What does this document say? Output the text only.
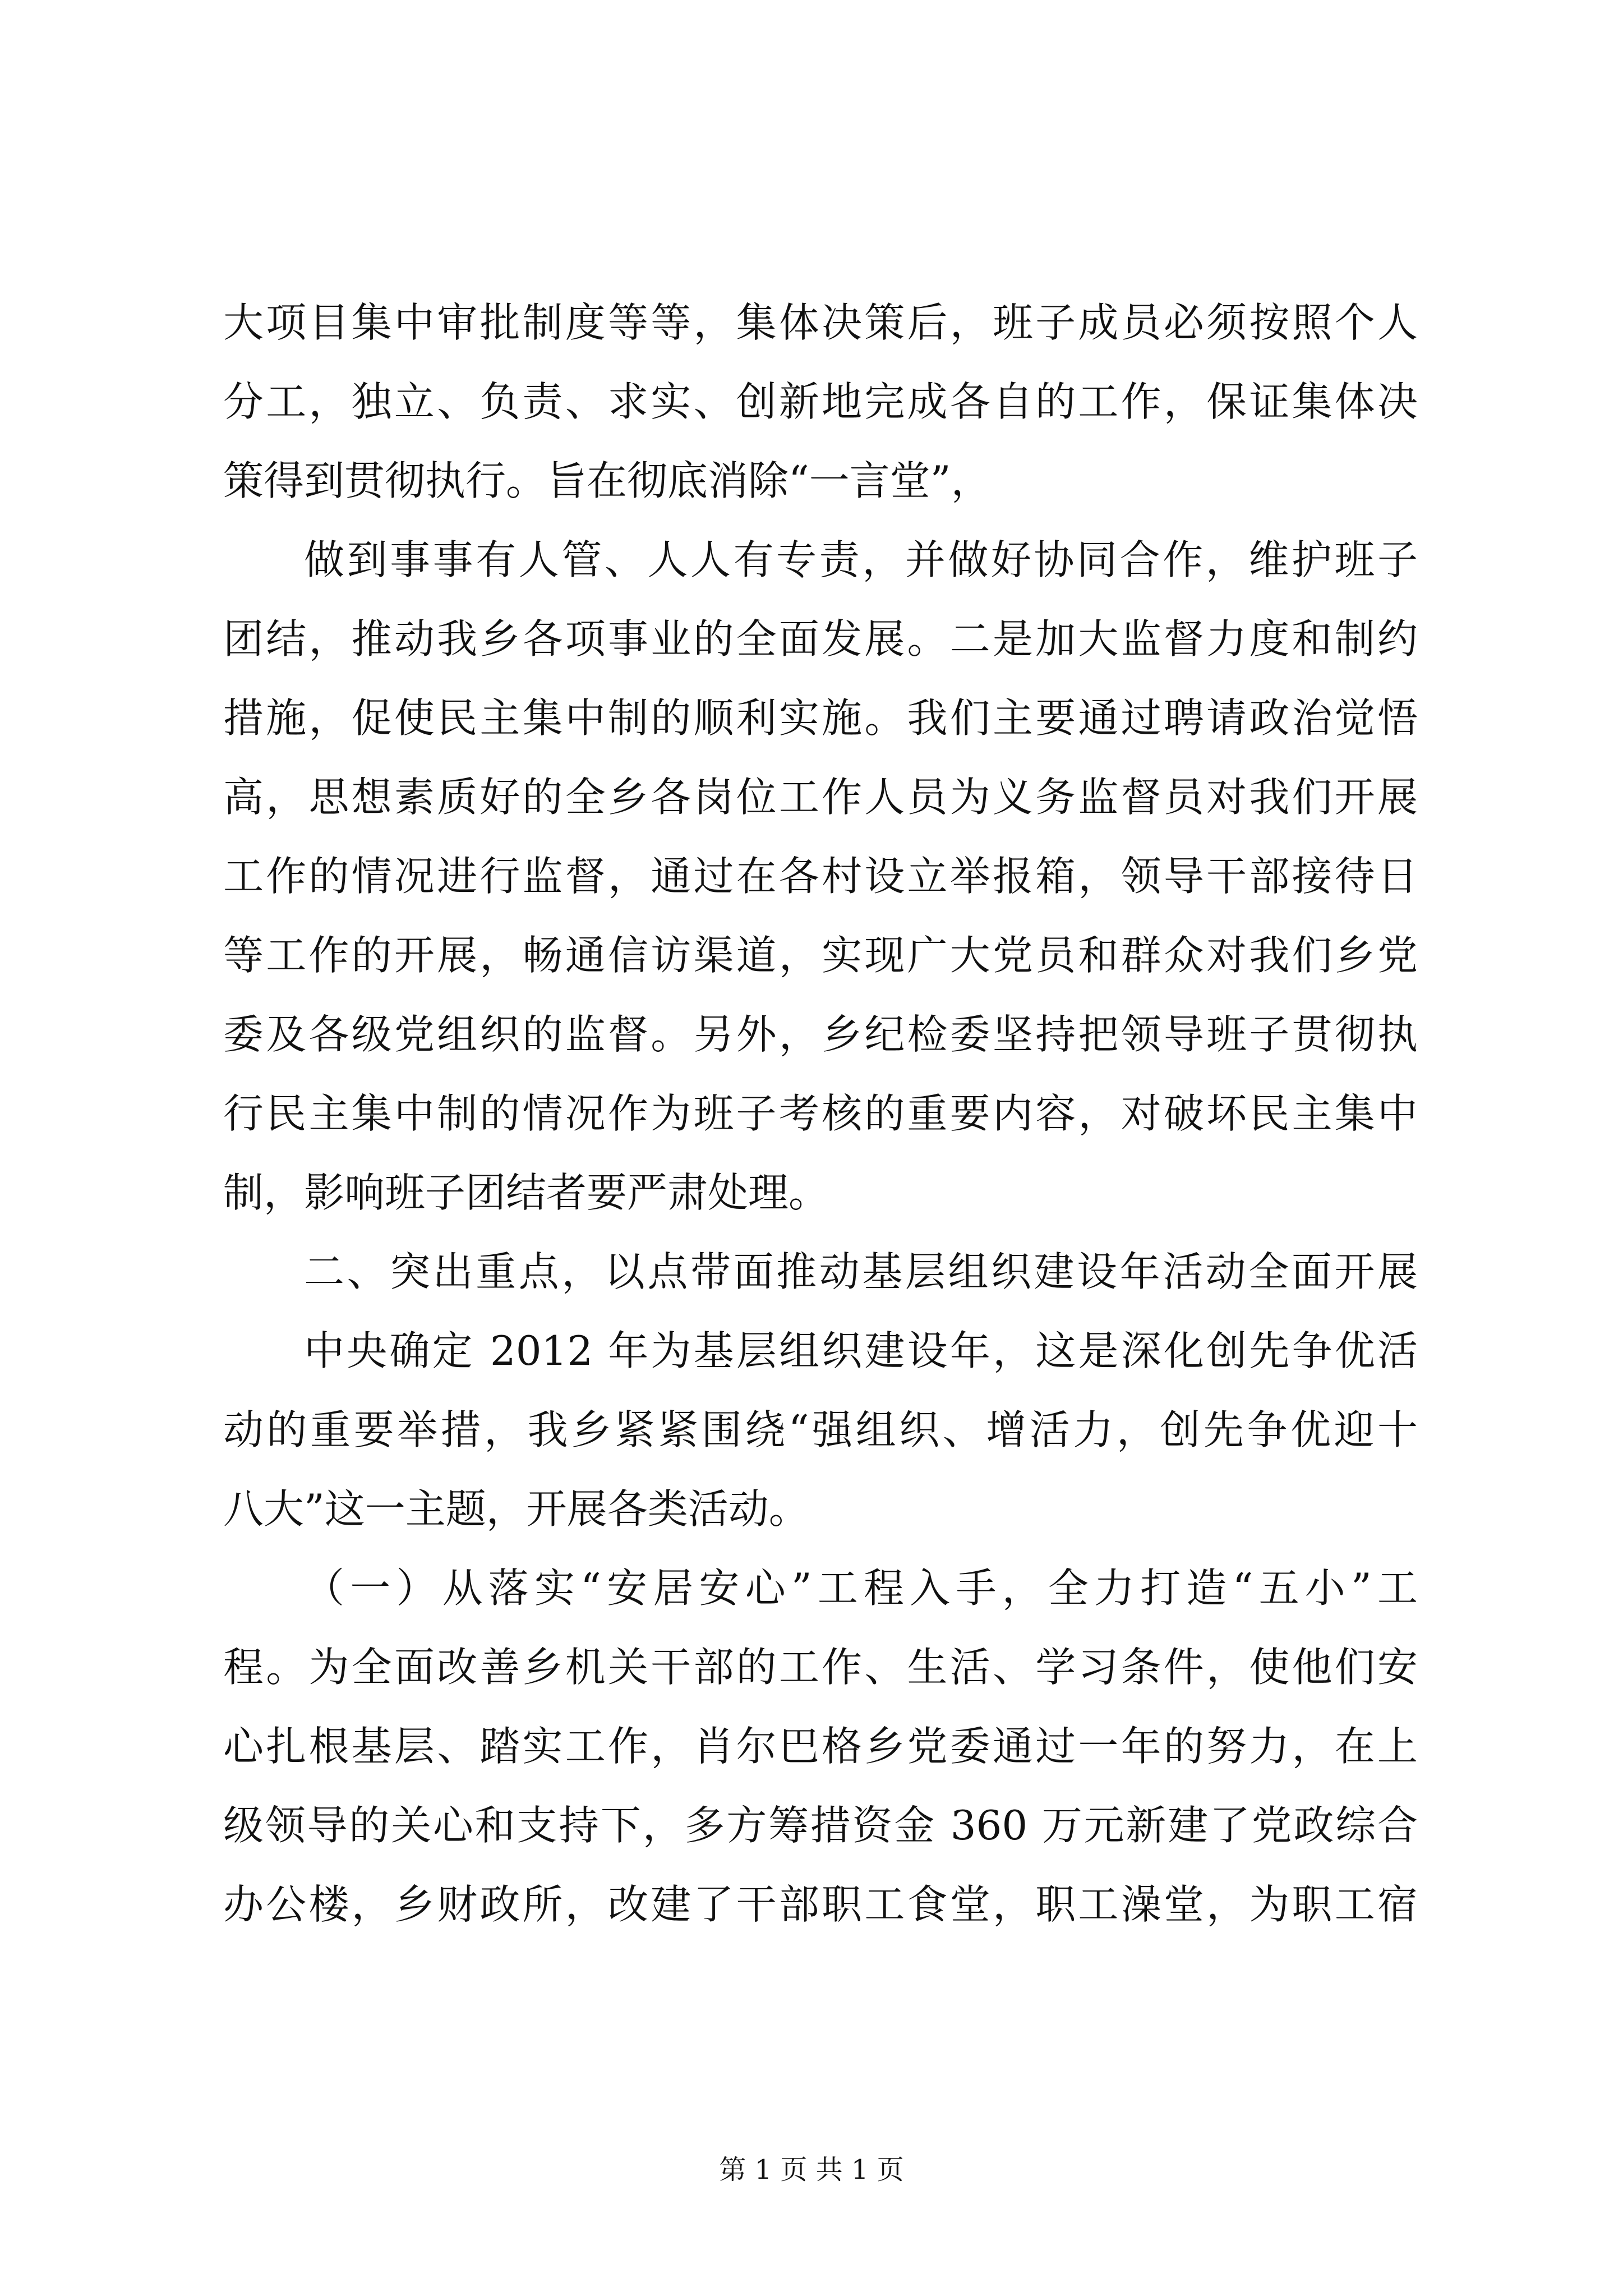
大项目集中审批制度等等，集体决策后，班子成员必须按照个人
分工，独立、负责、求实、创新地完成各自的工作，保证集体决
策得到贯彻执行。旨在彻底消除“一言堂”，
做到事事有人管、人人有专责，并做好协同合作，维护班子
团结，推动我乡各项事业的全面发展。二是加大监督力度和制约
措施，促使民主集中制的顺利实施。我们主要通过聘请政治觉悟
高，思想素质好的全乡各岗位工作人员为义务监督员对我们开展
工作的情况进行监督，通过在各村设立举报箱，领导干部接待日
等工作的开展，畅通信访渠道，实现广大党员和群众对我们乡党
委及各级党组织的监督。另外，乡纪检委坚持把领导班子贯彻执
行民主集中制的情况作为班子考核的重要内容，对破坏民主集中
制，影响班子团结者要严肃处理。
二、突出重点，以点带面推动基层组织建设年活动全面开展
中央确定 2012 年为基层组织建设年，这是深化创先争优活
动的重要举措，我乡紧紧围绕“强组织、增活力，创先争优迎十
八大”这一主题，开展各类活动。
（一）从落实“安居安心”工程入手，全力打造“五小”工
程。为全面改善乡机关干部的工作、生活、学习条件，使他们安
心扎根基层、踏实工作，肖尔巴格乡党委通过一年的努力，在上
级领导的关心和支持下，多方筹措资金 360 万元新建了党政综合
办公楼，乡财政所，改建了干部职工食堂，职工澡堂，为职工宿
第 1 页 共 1 页
